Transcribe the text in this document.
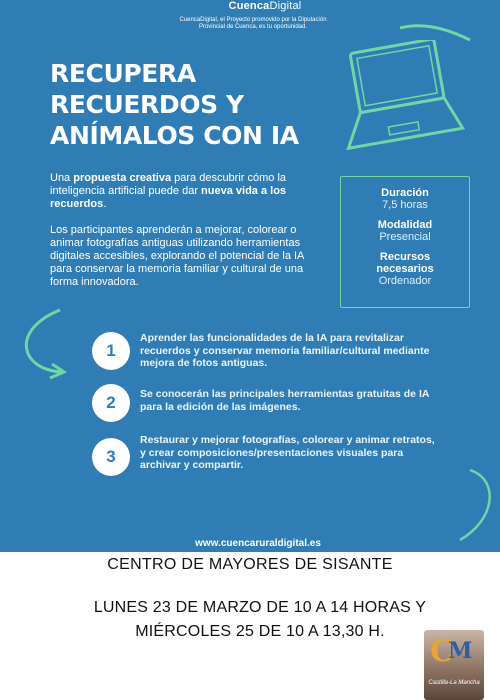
CuencaDigital
CuencaDigital, el Proyecto promovido por la Diputación Provincial de Cuenca, es tu oportunidad.
RECUPERA
RECUERDOS Y
ANÍMALOS CON IA

Una propuesta creativa para descubrir cómo la inteligencia artificial puede dar nueva vida a los recuerdos.

Los participantes aprenderán a mejorar, colorear o animar fotografías antiguas utilizando herramientas digitales accesibles, explorando el potencial de la IA para conservar la memoria familiar y cultural de una forma innovadora.

Duración
7,5 horas
Modalidad
Presencial
Recursos necesarios
Ordenador
1
Aprender las funcionalidades de la IA para revitalizar recuerdos y conservar memoria familiar/cultural mediante mejora de fotos antiguas.
2	Se conocerán las principales herramientas gratuitas de IA para la edición de las imágenes.
3
Restaurar y mejorar fotografías, colorear y animar retratos, y crear composiciones/presentaciones visuales para archivar y compartir.
www.cuencaruraldigital.es
CENTRO DE MAYORES DE SISANTE
LUNES 23 DE MARZO DE 10 A 14 HORAS Y
MIÉRCOLES 25 DE 10 A 13,30 H.
C
M
Castilla-La Mancha
